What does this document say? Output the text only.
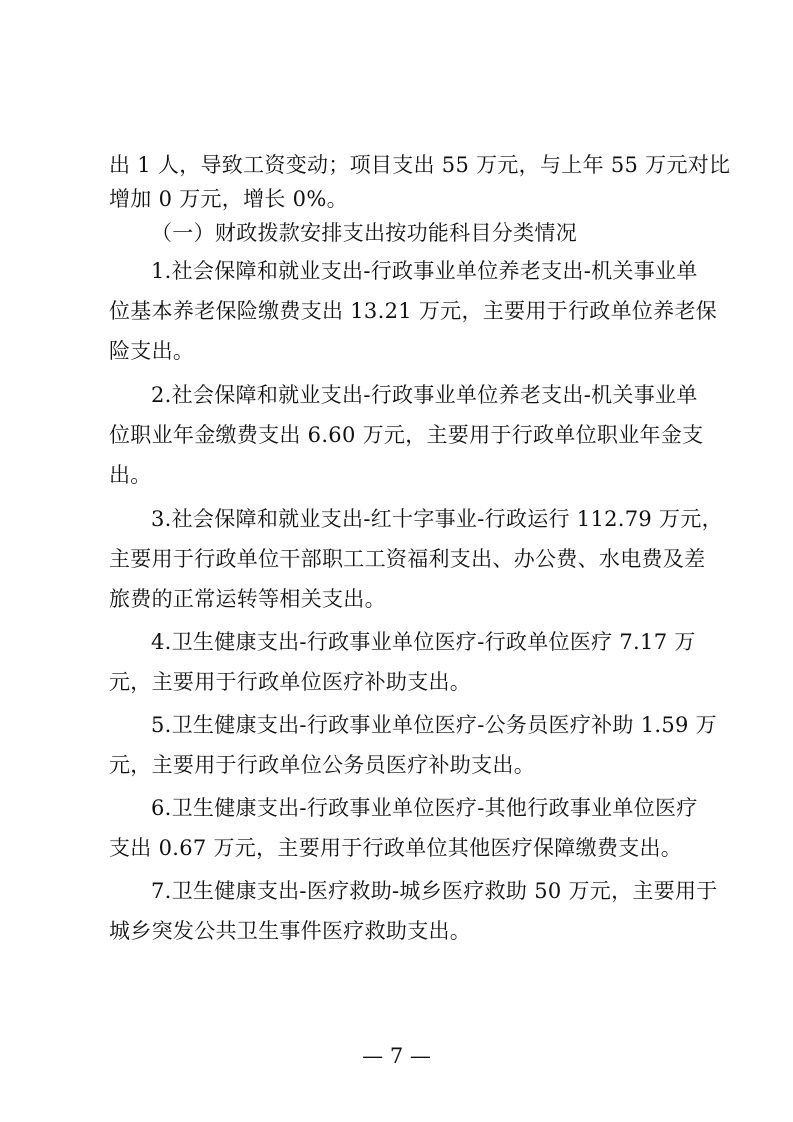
出 1 人，导致工资变动；项目支出 55 万元，与上年 55 万元对比
增加 0 万元，增长 0%。
（一）财政拨款安排支出按功能科目分类情况
1.社会保障和就业支出-行政事业单位养老支出-机关事业单
位基本养老保险缴费支出 13.21 万元，主要用于行政单位养老保
险支出。
2.社会保障和就业支出-行政事业单位养老支出-机关事业单
位职业年金缴费支出 6.60 万元，主要用于行政单位职业年金支
出。
3.社会保障和就业支出-红十字事业-行政运行 112.79 万元，
主要用于行政单位干部职工工资福利支出、办公费、水电费及差
旅费的正常运转等相关支出。
4.卫生健康支出-行政事业单位医疗-行政单位医疗 7.17 万
元，主要用于行政单位医疗补助支出。
5.卫生健康支出-行政事业单位医疗-公务员医疗补助 1.59 万
元，主要用于行政单位公务员医疗补助支出。
6.卫生健康支出-行政事业单位医疗-其他行政事业单位医疗
支出 0.67 万元，主要用于行政单位其他医疗保障缴费支出。
7.卫生健康支出-医疗救助-城乡医疗救助 50 万元，主要用于
城乡突发公共卫生事件医疗救助支出。
— 7 —
